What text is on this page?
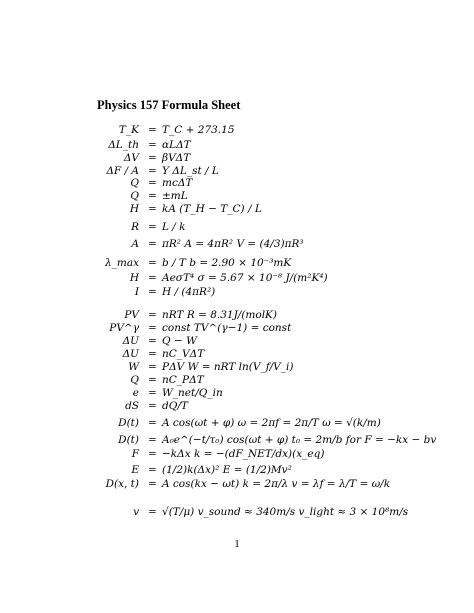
Physics 157 Formula Sheet
T_K = T_C + 273.15
ΔL_th = αLΔT
ΔV = βVΔT
ΔF / A = Y ΔL_st / L
Q = mcΔT
Q = ±mL
H = kA (T_H − T_C) / L
R = L / k
A = πR² A = 4πR² V = (4/3)πR³
λ_max = b / T b = 2.90 × 10⁻³mK
H = AeσT⁴ σ = 5.67 × 10⁻⁸ J/(m²K⁴)
I = H / (4πR²)
PV = nRT R = 8.31J/(molK)
PV^γ = const TV^(γ−1) = const
ΔU = Q − W
ΔU = nC_VΔT
W = PΔV W = nRT ln(V_f/V_i)
Q = nC_PΔT
e = W_net/Q_in
dS = dQ/T
D(t) = A cos(ωt + φ) ω = 2πf = 2π/T ω = √(k/m)
D(t) = A₀e^(−t/τ₀) cos(ωt + φ) t₀ = 2m/b for F = −kx − bv
F = −kΔx k = −(dF_NET/dx)(x_eq)
E = (1/2)k(Δx)² E = (1/2)Mv²
D(x, t) = A cos(kx − ωt) k = 2π/λ v = λf = λ/T = ω/k
v = √(T/μ) v_sound ≈ 340m/s v_light ≈ 3 × 10⁸m/s
1
